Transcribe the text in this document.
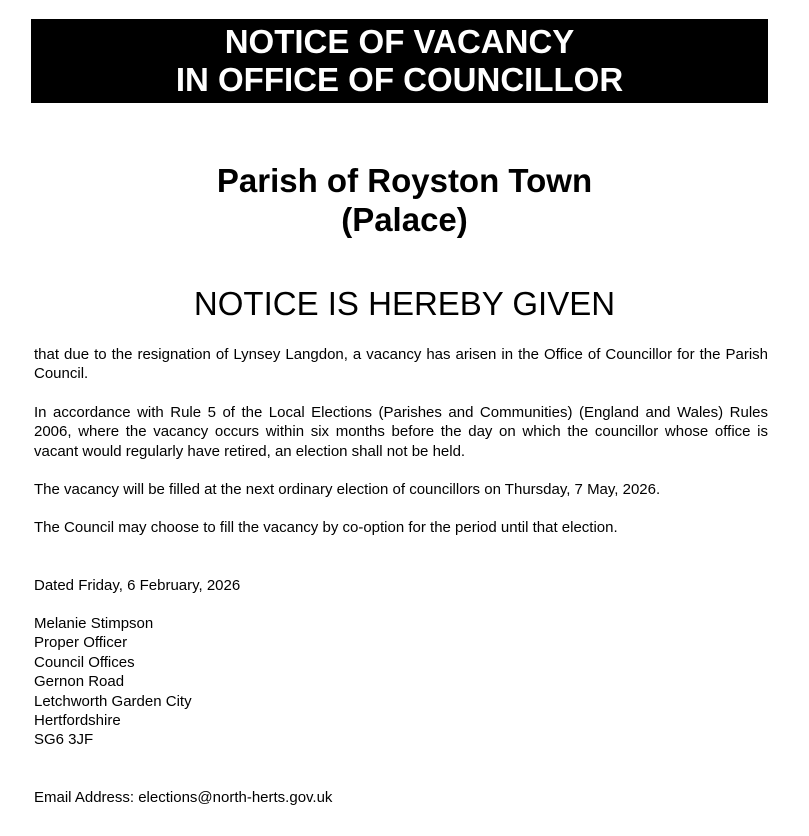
NOTICE OF VACANCY
IN OFFICE OF COUNCILLOR
Parish of Royston Town
(Palace)
NOTICE IS HEREBY GIVEN
that due to the resignation of Lynsey Langdon, a vacancy has arisen in the Office of Councillor for the Parish Council.
In accordance with Rule 5 of the Local Elections (Parishes and Communities) (England and Wales) Rules 2006, where the vacancy occurs within six months before the day on which the councillor whose office is vacant would regularly have retired, an election shall not be held.
The vacancy will be filled at the next ordinary election of councillors on Thursday, 7 May, 2026.
The Council may choose to fill the vacancy by co-option for the period until that election.
Dated Friday, 6 February, 2026
Melanie Stimpson
Proper Officer
Council Offices
Gernon Road
Letchworth Garden City
Hertfordshire
SG6 3JF
Email Address: elections@north-herts.gov.uk
